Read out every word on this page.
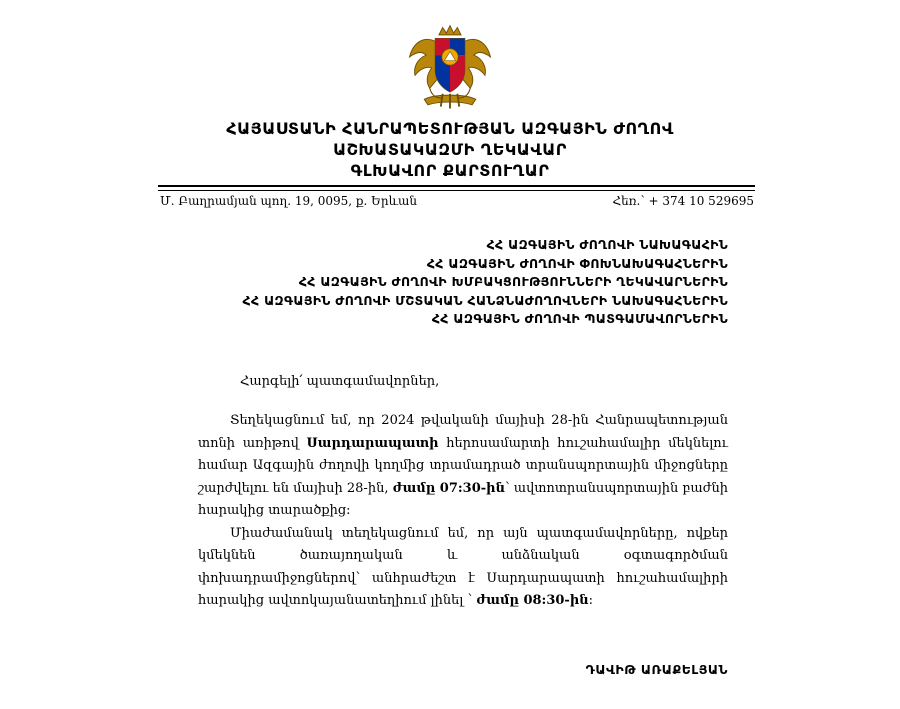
ՀԱՅԱՍՏԱՆԻ ՀԱՆՐԱՊԵՏՈՒԹՅԱՆ ԱԶԳԱՅԻՆ ԺՈՂՈՎ
ԱՇԽԱՏԱԿԱԶՄԻ ՂԵԿԱՎԱՐ
ԳԼԽԱՎՈՐ ՔԱՐՏՈՒՂԱՐ
Մ. Բաղրամյան պող. 19, 0095, ք. Երևան	Հեռ.՝ + 374 10 529695
ՀՀ ԱԶԳԱՅԻՆ ԺՈՂՈՎԻ ՆԱԽԱԳԱՀԻՆ
ՀՀ ԱԶԳԱՅԻՆ ԺՈՂՈՎԻ ՓՈԽՆԱԽԱԳԱՀՆԵՐԻՆ
ՀՀ ԱԶԳԱՅԻՆ ԺՈՂՈՎԻ ԽՄԲԱԿՑՈՒԹՅՈՒՆՆԵՐԻ ՂԵԿԱՎԱՐՆԵՐԻՆ
ՀՀ ԱԶԳԱՅԻՆ ԺՈՂՈՎԻ ՄՇՏԱԿԱՆ ՀԱՆՁՆԱԺՈՂՈՎՆԵՐԻ ՆԱԽԱԳԱՀՆԵՐԻՆ
ՀՀ ԱԶԳԱՅԻՆ ԺՈՂՈՎԻ ՊԱՏԳԱՄԱՎՈՐՆԵՐԻՆ
Հարգելի՛ պատգամավորներ,

Տեղեկացնում եմ, որ 2024 թվականի մայիսի 28-ին Հանրապետության տոնի առիթով Սարդարապատի հերոսամարտի հուշահամալիր մեկնելու համար Ազգային ժողովի կողմից տրամադրած տրանսպորտային միջոցները շարժվելու են մայիսի 28-ին, ժամը 07:30-ին՝ ավտոտրանսպորտային բաժնի հարակից տարածքից:

Միաժամանակ տեղեկացնում եմ, որ այն պատգամավորները, ովքեր կմեկնեն ծառայողական և անձնական օգտագործման փոխադրամիջոցներով՝ անհրաժեշտ է Սարդարապատի հուշահամալիրի հարակից ավտոկայանատեղիում լինել ՝ ժամը 08:30-ին:

ԴԱՎԻԹ ԱՌԱՔԵԼՅԱՆ
